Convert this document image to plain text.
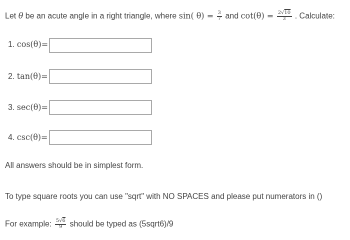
Let θ be an acute angle in a right triangle, where sin( $\theta) = \frac{3}{7}$ and $\cot(\theta) = \frac{2√10}{3}$ . Calculate:
1. cos(θ)=
2. tan(θ)=
3. sec(θ)=
4. csc(θ)=
All answers should be in simplest form.
To type square roots you can use "sqrt" with NO SPACES and please put numerators in ()
For example: $\frac{5√6}{9}$ should be typed as (5sqrt6)/9
